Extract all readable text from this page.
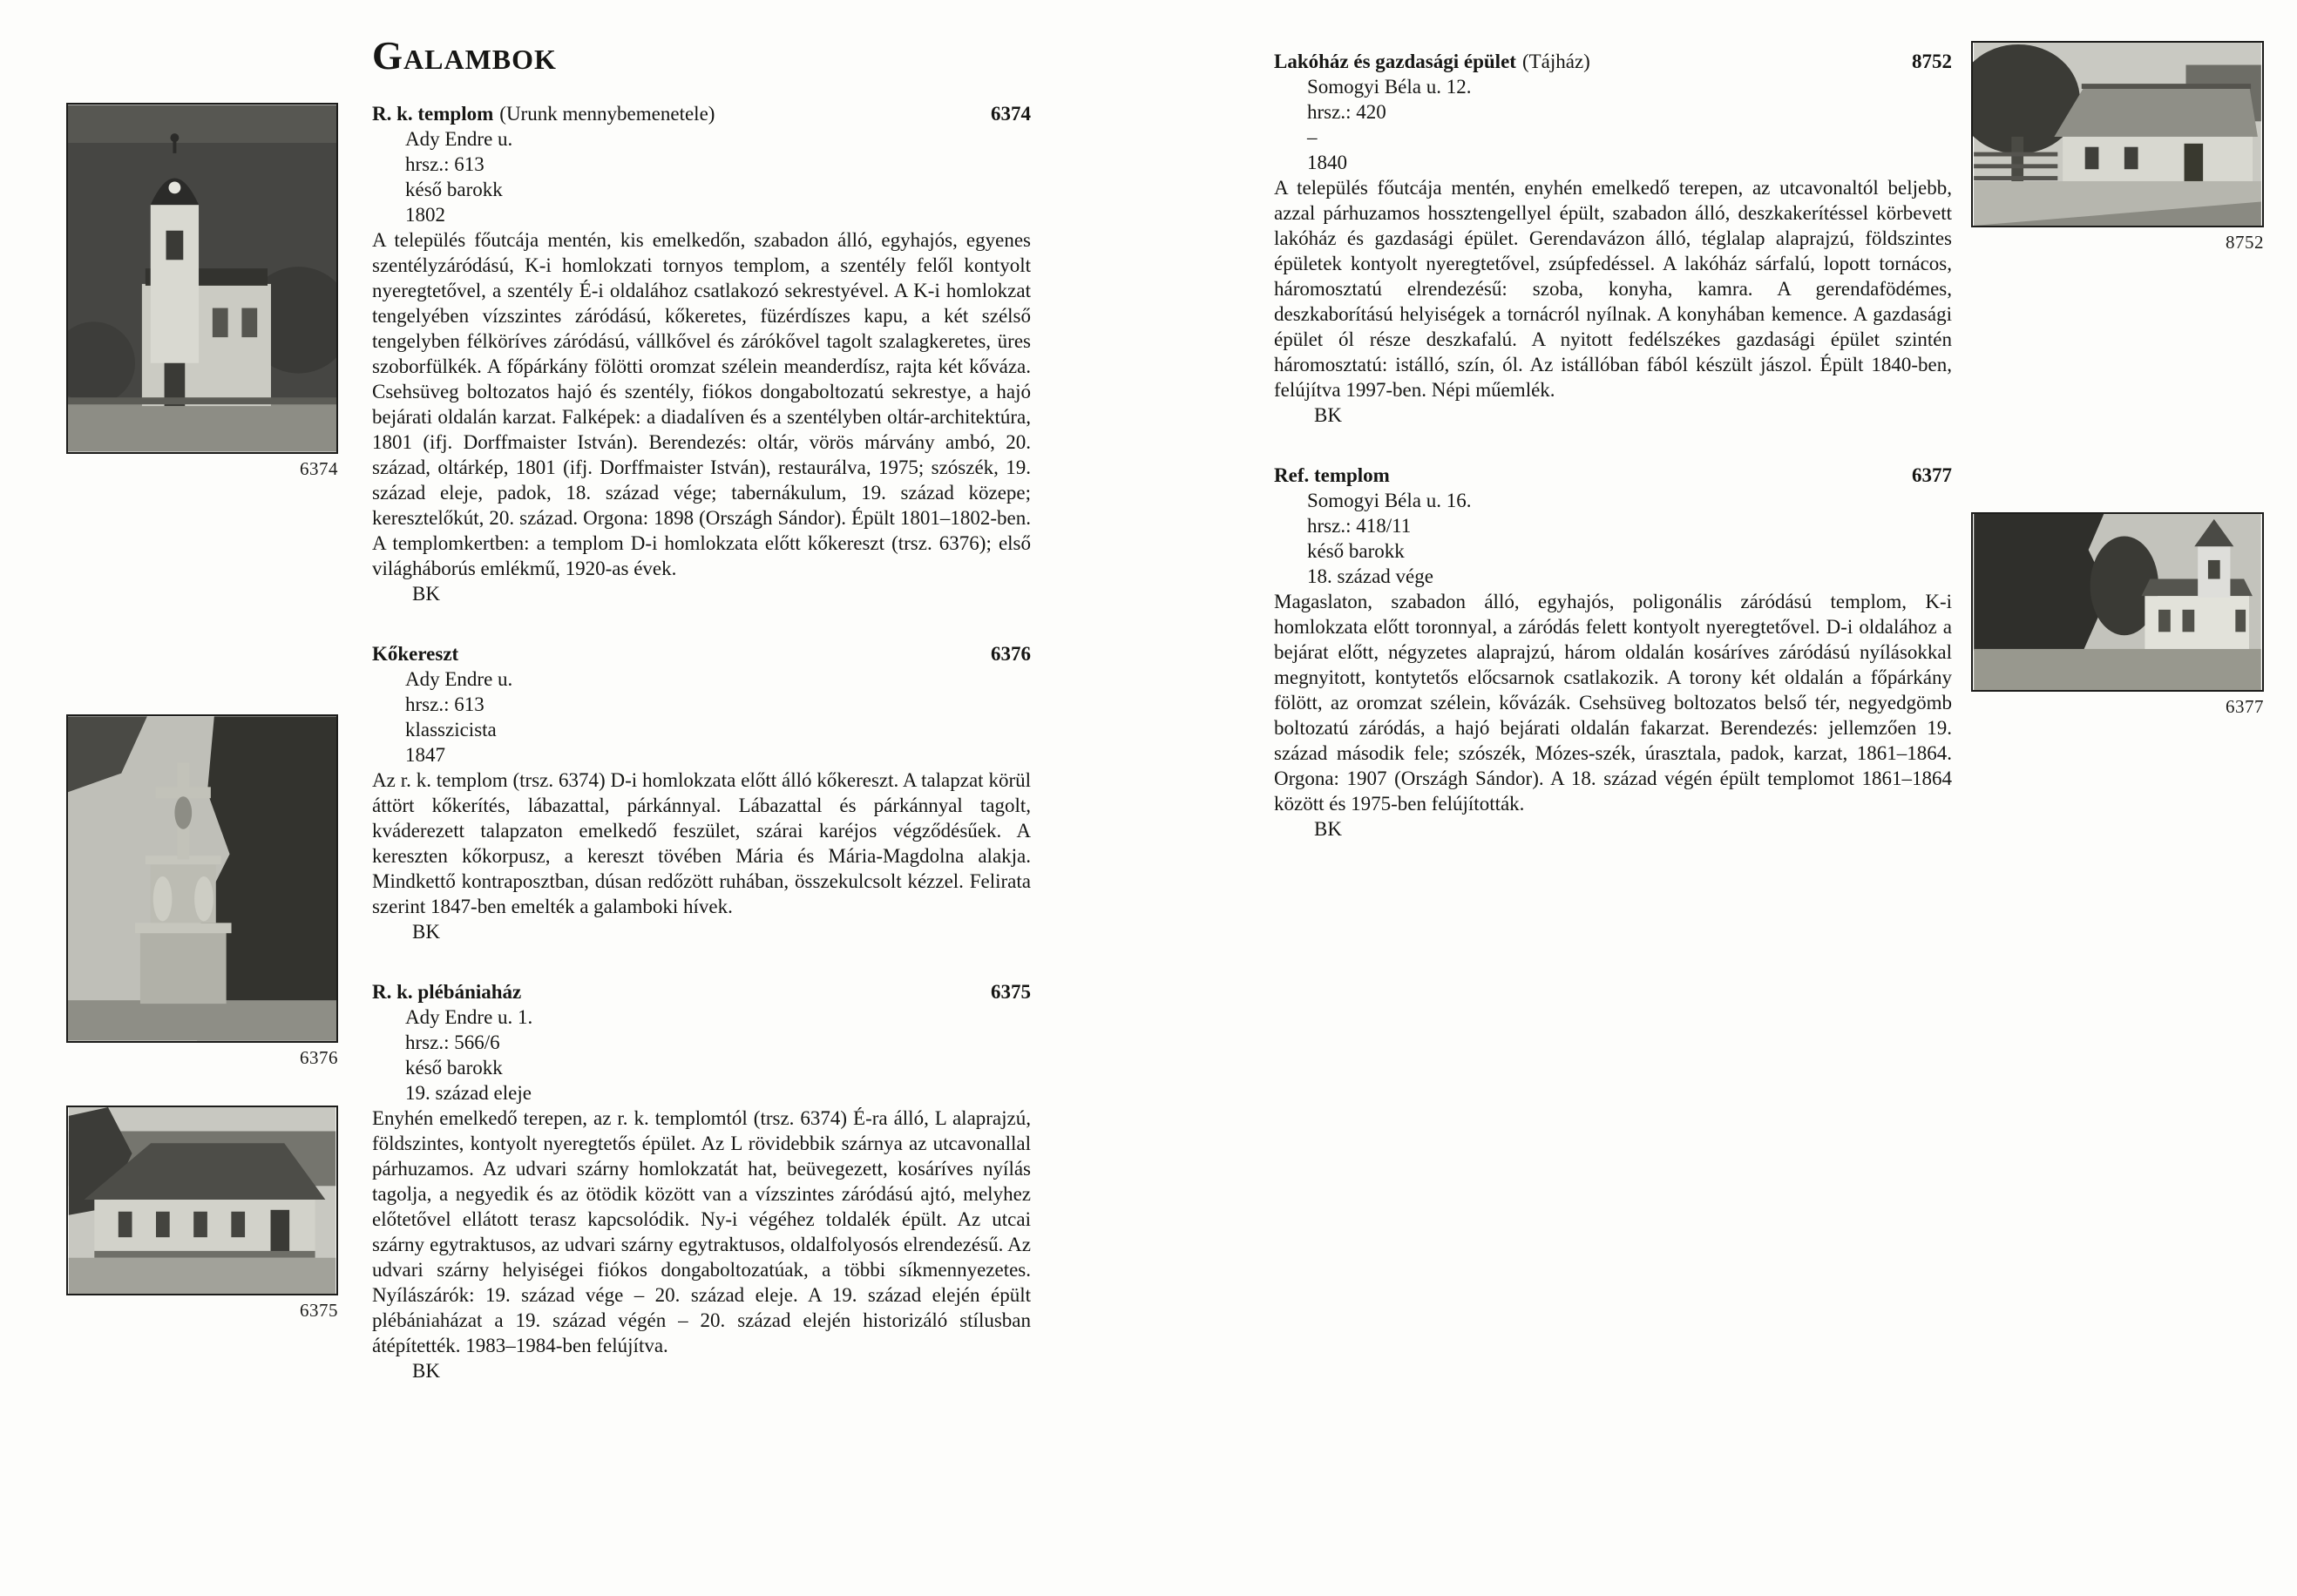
6374
6376
6375
Galambok
R. k. templom (Urunk mennybemenetele)	6374
Ady Endre u.
hrsz.: 613
késő barokk
1802

A település főutcája mentén, kis emelkedőn, szabadon álló, egyhajós, egyenes szentélyzáródású, K-i homlokzati tornyos templom, a szentély felől kontyolt nyeregtetővel, a szentély É-i oldalához csatlakozó sekrestyével. A K-i homlokzat tengelyében vízszintes záródású, kőkeretes, füzérdíszes kapu, a két szélső tengelyben félköríves záródású, vállkővel és zárókővel tagolt szalagkeretes, üres szoborfülkék. A főpárkány fölötti oromzat szélein meanderdísz, rajta két kőváza. Csehsüveg boltozatos hajó és szentély, fiókos dongaboltozatú sekrestye, a hajó bejárati oldalán karzat. Falképek: a diadalíven és a szentélyben oltár-architektúra, 1801 (ifj. Dorffmaister István). Berendezés: oltár, vörös márvány ambó, 20. század, oltárkép, 1801 (ifj. Dorffmaister István), restaurálva, 1975; szószék, 19. század eleje, padok, 18. század vége; tabernákulum, 19. század közepe; keresztelőkút, 20. század. Orgona: 1898 (Országh Sándor). Épült 1801–1802-ben. A templomkertben: a templom D-i homlokzata előtt kőkereszt (trsz. 6376); első világháborús emlékmű, 1920-as évek.

BK
Kőkereszt	6376
Ady Endre u.
hrsz.: 613
klasszicista
1847

Az r. k. templom (trsz. 6374) D-i homlokzata előtt álló kőkereszt. A talapzat körül áttört kőkerítés, lábazattal, párkánnyal. Lábazattal és párkánnyal tagolt, kváderezett talapzaton emelkedő feszület, szárai karéjos végződésűek. A kereszten kőkorpusz, a kereszt tövében Mária és Mária-Magdolna alakja. Mindkettő kontraposztban, dúsan redőzött ruhában, összekulcsolt kézzel. Felirata szerint 1847-ben emelték a galamboki hívek.

BK
R. k. plébániaház	6375
Ady Endre u. 1.
hrsz.: 566/6
késő barokk
19. század eleje

Enyhén emelkedő terepen, az r. k. templomtól (trsz. 6374) É-ra álló, L alaprajzú, földszintes, kontyolt nyeregtetős épület. Az L rövidebbik szárnya az utcavonallal párhuzamos. Az udvari szárny homlokzatát hat, beüvegezett, kosáríves nyílás tagolja, a negyedik és az ötödik között van a vízszintes záródású ajtó, melyhez előtetővel ellátott terasz kapcsolódik. Ny-i végéhez toldalék épült. Az utcai szárny egytraktusos, az udvari szárny egytraktusos, oldalfolyosós elrendezésű. Az udvari szárny helyiségei fiókos dongaboltozatúak, a többi síkmennyezetes. Nyílászárók: 19. század vége – 20. század eleje. A 19. század elején épült plébániaházat a 19. század végén – 20. század elején historizáló stílusban átépítették. 1983–1984-ben felújítva.

BK
Lakóház és gazdasági épület (Tájház)	8752
Somogyi Béla u. 12.
hrsz.: 420
–
1840

A település főutcája mentén, enyhén emelkedő terepen, az utcavonaltól beljebb, azzal párhuzamos hossztengellyel épült, szabadon álló, deszkakerítéssel körbevett lakóház és gazdasági épület. Gerendavázon álló, téglalap alaprajzú, földszintes épületek kontyolt nyeregtetővel, zsúpfedéssel. A lakóház sárfalú, lopott tornácos, háromosztatú elrendezésű: szoba, konyha, kamra. A gerendafödémes, deszkaborítású helyiségek a tornácról nyílnak. A konyhában kemence. A gazdasági épület ól része deszkafalú. A nyitott fedélszékes gazdasági épület szintén háromosztatú: istálló, szín, ól. Az istállóban fából készült jászol. Épült 1840-ben, felújítva 1997-ben. Népi műemlék.

BK
Ref. templom	6377
Somogyi Béla u. 16.
hrsz.: 418/11
késő barokk
18. század vége

Magaslaton, szabadon álló, egyhajós, poligonális záródású templom, K-i homlokzata előtt toronnyal, a záródás felett kontyolt nyeregtetővel. D-i oldalához a bejárat előtt, négyzetes alaprajzú, három oldalán kosáríves záródású nyílásokkal megnyitott, kontytetős előcsarnok csatlakozik. A torony két oldalán a főpárkány fölött, az oromzat szélein, kővázák. Csehsüveg boltozatos belső tér, negyedgömb boltozatú záródás, a hajó bejárati oldalán fakarzat. Berendezés: jellemzően 19. század második fele; szószék, Mózes-szék, úrasztala, padok, karzat, 1861–1864. Orgona: 1907 (Országh Sándor). A 18. század végén épült templomot 1861–1864 között és 1975-ben felújították.

BK
8752
6377
